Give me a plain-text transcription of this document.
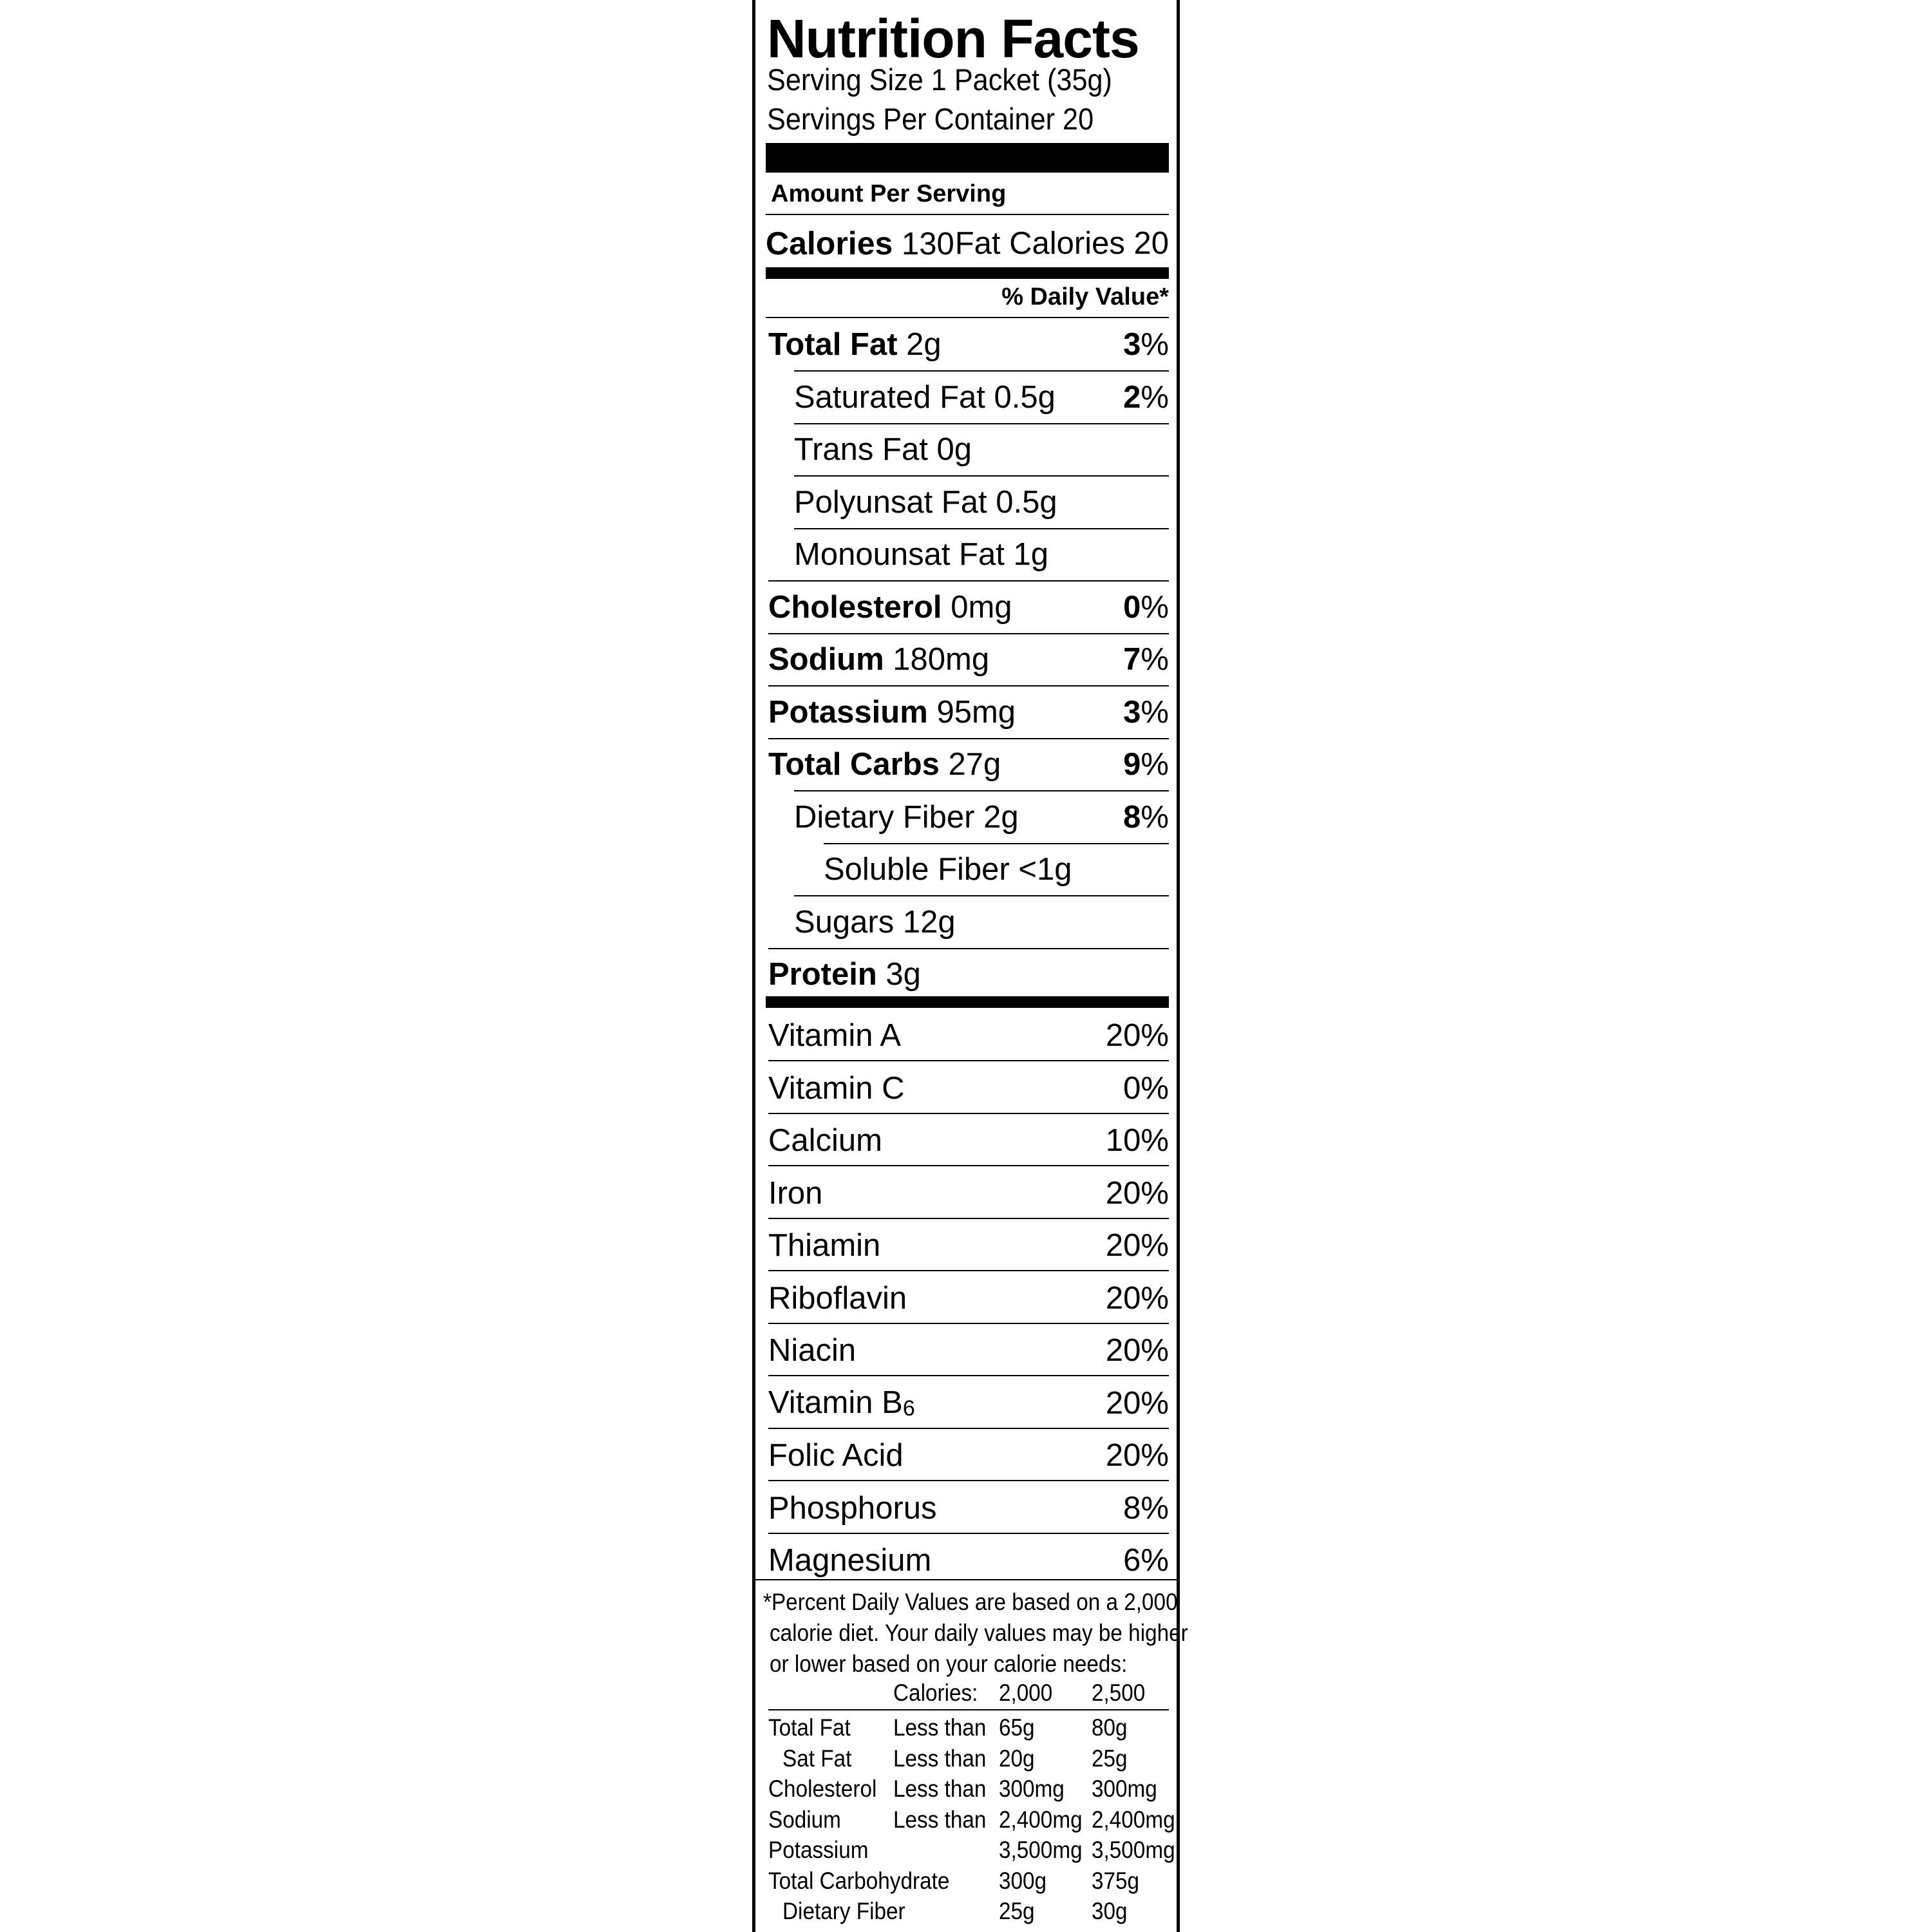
Nutrition Facts
Serving Size 1 Packet (35g)
Servings Per Container 20
Amount Per Serving
Calories 130 Fat Calories 20
% Daily Value*
Total Fat 2g	3%
Saturated Fat 0.5g 2%
Trans Fat 0g
Polyunsat Fat 0.5g
Monounsat Fat 1g
Cholesterol 0mg	0%
Sodium 180mg	7%
Potassium 95mg	3%
Total Carbs 27g	9%
Dietary Fiber 2g	8%
Soluble Fiber <1g
Sugars 12g
Protein 3g
Vitamin A	20%
Vitamin C	0%
Calcium	10%
Iron	20%
Thiamin	20%
Riboflavin	20%
Niacin	20%
Vitamin $B_6$	20%
Folic Acid	20%
Phosphorus	8%
Magnesium	6%
*Percent Daily Values are based on a 2,000
calorie diet. Your daily values may be higher
or lower based on your calorie needs:
Calories: 2,000 2,500
Total Fat Less than 65g 80g
Sat Fat Less than 20g 25g
Cholesterol Less than 300mg 300mg
Sodium Less than 2,400mg 2,400mg
Potassium	3,500mg 3,500mg
Total Carbohydrate 300g 375g
Dietary Fiber	25g 30g
